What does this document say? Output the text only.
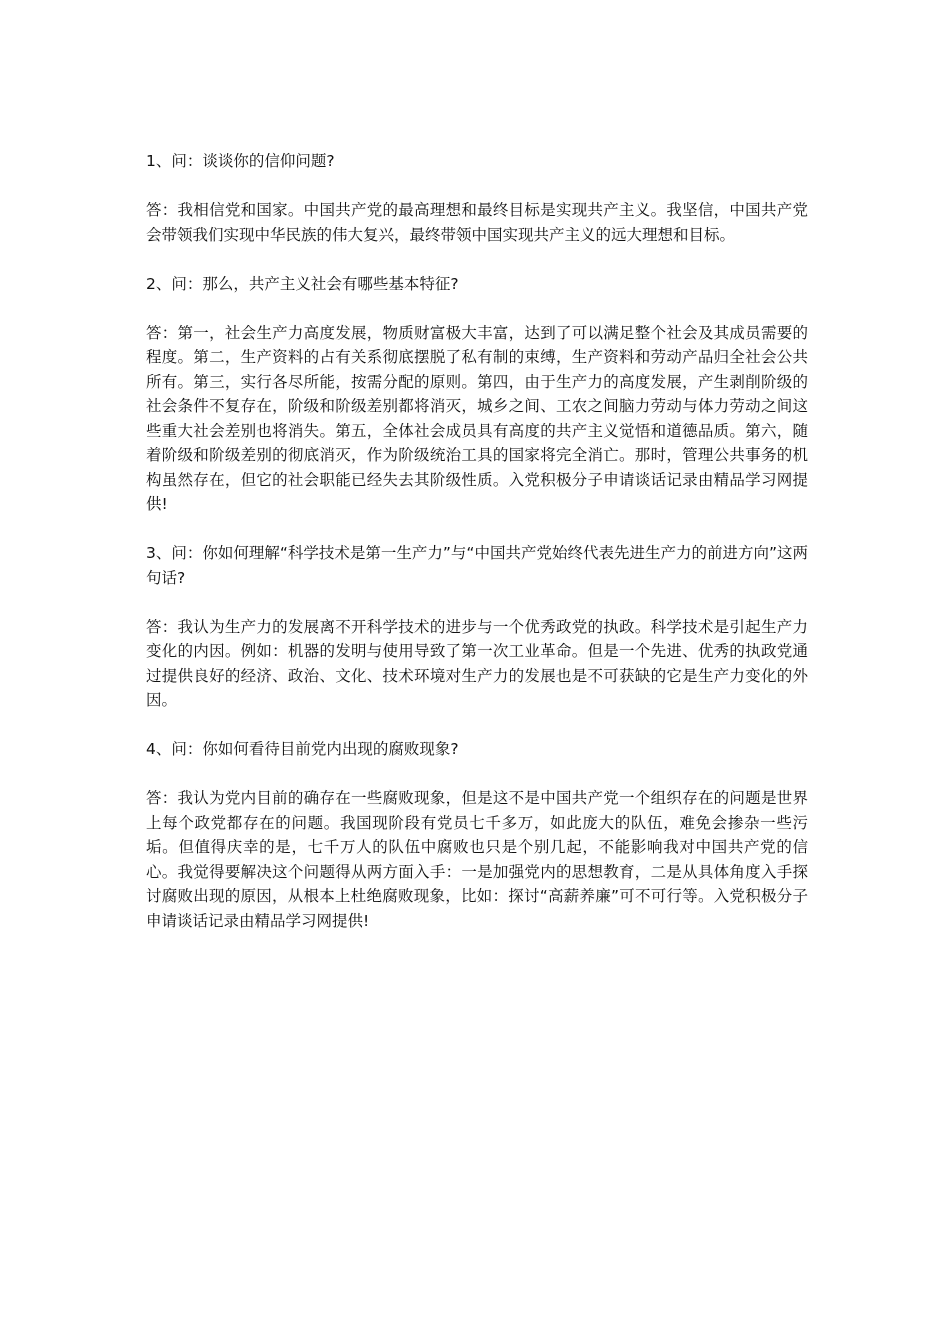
1、问：谈谈你的信仰问题?

答：我相信党和国家。中国共产党的最高理想和最终目标是实现共产主义。我坚信，中国共产党会带领我们实现中华民族的伟大复兴，最终带领中国实现共产主义的远大理想和目标。

2、问：那么，共产主义社会有哪些基本特征?

答：第一，社会生产力高度发展，物质财富极大丰富，达到了可以满足整个社会及其成员需要的程度。第二，生产资料的占有关系彻底摆脱了私有制的束缚，生产资料和劳动产品归全社会公共所有。第三，实行各尽所能，按需分配的原则。第四，由于生产力的高度发展，产生剥削阶级的社会条件不复存在，阶级和阶级差别都将消灭，城乡之间、工农之间脑力劳动与体力劳动之间这些重大社会差别也将消失。第五，全体社会成员具有高度的共产主义觉悟和道德品质。第六，随着阶级和阶级差别的彻底消灭，作为阶级统治工具的国家将完全消亡。那时，管理公共事务的机构虽然存在，但它的社会职能已经失去其阶级性质。入党积极分子申请谈话记录由精品学习网提供!

3、问：你如何理解“科学技术是第一生产力”与“中国共产党始终代表先进生产力的前进方向”这两句话?

答：我认为生产力的发展离不开科学技术的进步与一个优秀政党的执政。科学技术是引起生产力变化的内因。例如：机器的发明与使用导致了第一次工业革命。但是一个先进、优秀的执政党通过提供良好的经济、政治、文化、技术环境对生产力的发展也是不可获缺的它是生产力变化的外因。

4、问：你如何看待目前党内出现的腐败现象?

答：我认为党内目前的确存在一些腐败现象，但是这不是中国共产党一个组织存在的问题是世界上每个政党都存在的问题。我国现阶段有党员七千多万，如此庞大的队伍，难免会掺杂一些污垢。但值得庆幸的是，七千万人的队伍中腐败也只是个别几起，不能影响我对中国共产党的信心。我觉得要解决这个问题得从两方面入手：一是加强党内的思想教育，二是从具体角度入手探讨腐败出现的原因，从根本上杜绝腐败现象，比如：探讨“高薪养廉”可不可行等。入党积极分子申请谈话记录由精品学习网提供!
